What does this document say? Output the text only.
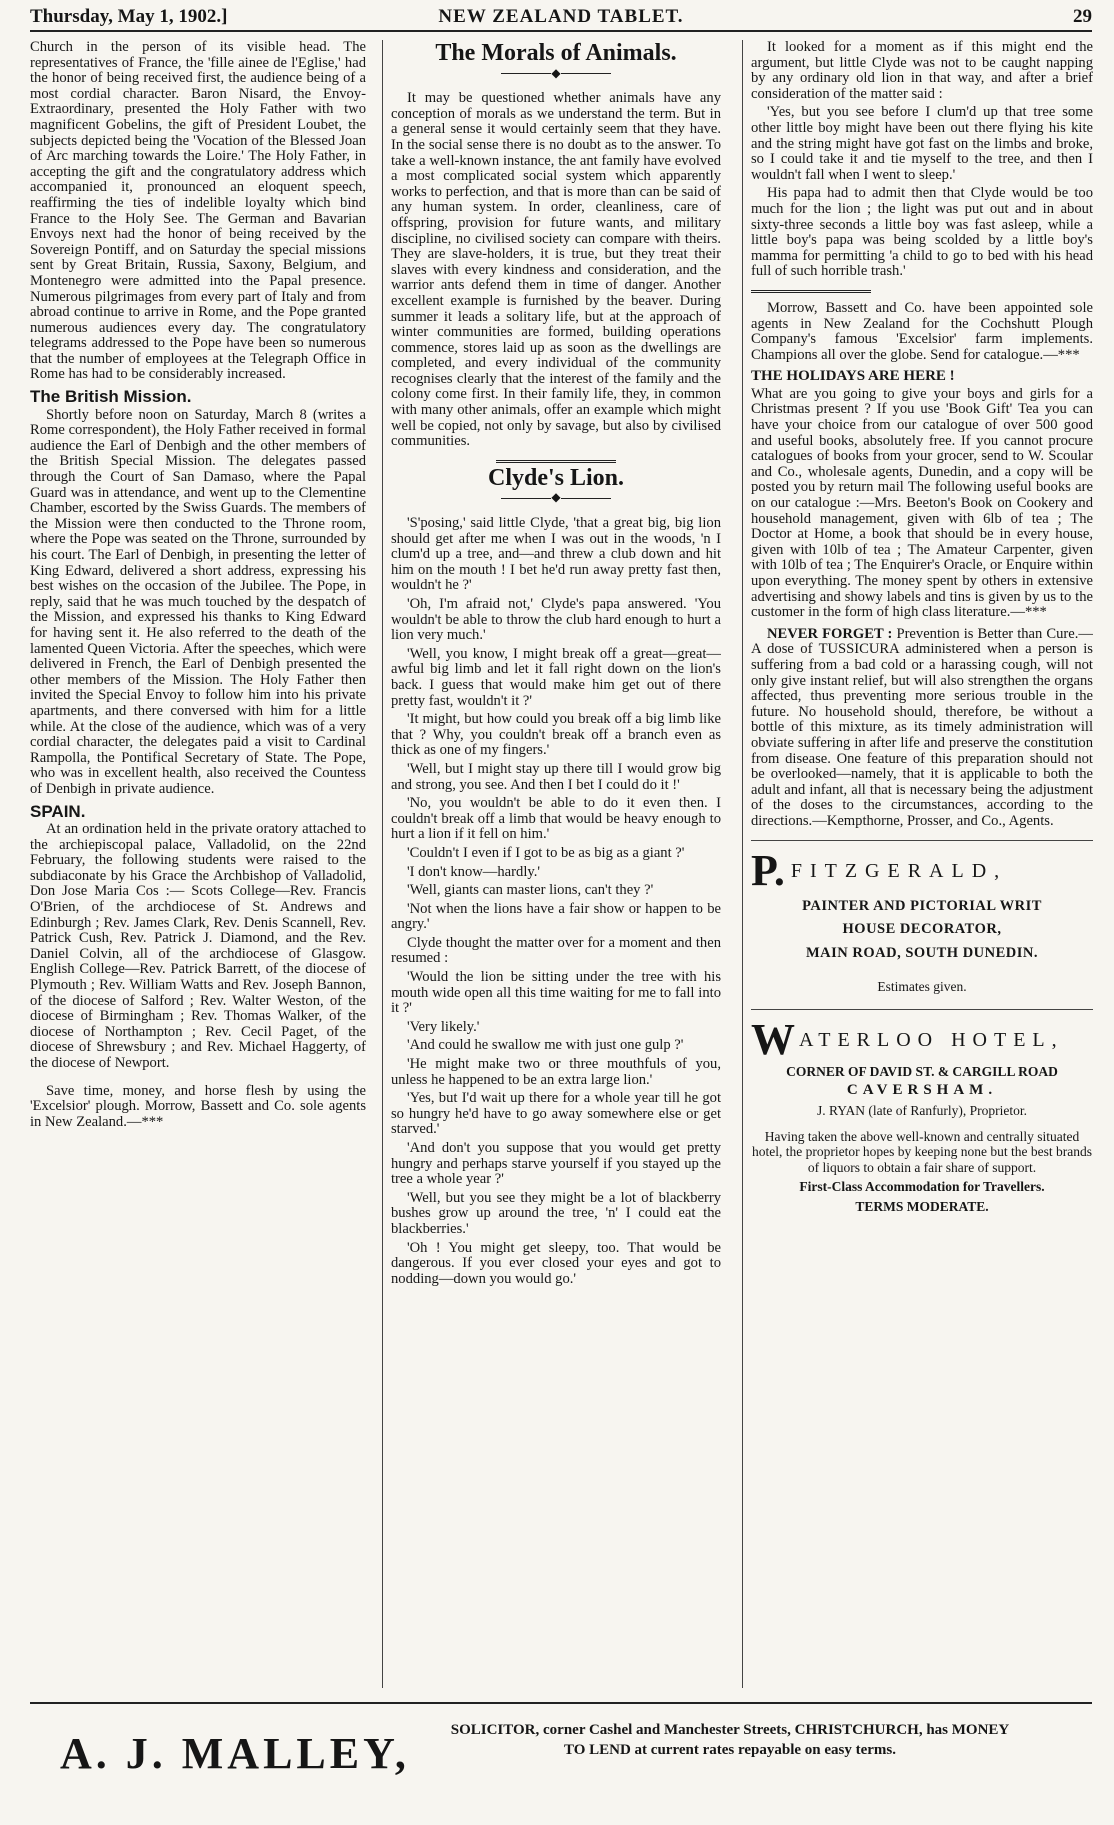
Thursday, May 1, 1902.]	NEW ZEALAND TABLET.	29

Church in the person of its visible head. The representatives of France, the 'fille ainee de l'Eglise,' had the honor of being received first, the audience being of a most cordial character. Baron Nisard, the Envoy-Extraordinary, presented the Holy Father with two magnificent Gobelins, the gift of President Loubet, the subjects depicted being the 'Vocation of the Blessed Joan of Arc marching towards the Loire.' The Holy Father, in accepting the gift and the congratulatory address which accompanied it, pronounced an eloquent speech, reaffirming the ties of indelible loyalty which bind France to the Holy See. The German and Bavarian Envoys next had the honor of being received by the Sovereign Pontiff, and on Saturday the special missions sent by Great Britain, Russia, Saxony, Belgium, and Montenegro were admitted into the Papal presence. Numerous pilgrimages from every part of Italy and from abroad continue to arrive in Rome, and the Pope granted numerous audiences every day. The congratulatory telegrams addressed to the Pope have been so numerous that the number of employees at the Telegraph Office in Rome has had to be considerably increased.

The British Mission.

Shortly before noon on Saturday, March 8 (writes a Rome correspondent), the Holy Father received in formal audience the Earl of Denbigh and the other members of the British Special Mission. The delegates passed through the Court of San Damaso, where the Papal Guard was in attendance, and went up to the Clementine Chamber, escorted by the Swiss Guards. The members of the Mission were then conducted to the Throne room, where the Pope was seated on the Throne, surrounded by his court. The Earl of Denbigh, in presenting the letter of King Edward, delivered a short address, expressing his best wishes on the occasion of the Jubilee. The Pope, in reply, said that he was much touched by the despatch of the Mission, and expressed his thanks to King Edward for having sent it. He also referred to the death of the lamented Queen Victoria. After the speeches, which were delivered in French, the Earl of Denbigh presented the other members of the Mission. The Holy Father then invited the Special Envoy to follow him into his private apartments, and there conversed with him for a little while. At the close of the audience, which was of a very cordial character, the delegates paid a visit to Cardinal Rampolla, the Pontifical Secretary of State. The Pope, who was in excellent health, also received the Countess of Denbigh in private audience.

SPAIN.

At an ordination held in the private oratory attached to the archiepiscopal palace, Valladolid, on the 22nd February, the following students were raised to the subdiaconate by his Grace the Archbishop of Valladolid, Don Jose Maria Cos :— Scots College—Rev. Francis O'Brien, of the archdiocese of St. Andrews and Edinburgh ; Rev. James Clark, Rev. Denis Scannell, Rev. Patrick Cush, Rev. Patrick J. Diamond, and the Rev. Daniel Colvin, all of the archdiocese of Glasgow. English College—Rev. Patrick Barrett, of the diocese of Plymouth ; Rev. William Watts and Rev. Joseph Bannon, of the diocese of Salford ; Rev. Walter Weston, of the diocese of Birmingham ; Rev. Thomas Walker, of the diocese of Northampton ; Rev. Cecil Paget, of the diocese of Shrewsbury ; and Rev. Michael Haggerty, of the diocese of Newport.

Save time, money, and horse flesh by using the 'Excelsior' plough. Morrow, Bassett and Co. sole agents in New Zealand.—***

The Morals of Animals.
◆

It may be questioned whether animals have any conception of morals as we understand the term. But in a general sense it would certainly seem that they have. In the social sense there is no doubt as to the answer. To take a well-known instance, the ant family have evolved a most complicated social system which apparently works to perfection, and that is more than can be said of any human system. In order, cleanliness, care of offspring, provision for future wants, and military discipline, no civilised society can compare with theirs. They are slave-holders, it is true, but they treat their slaves with every kindness and consideration, and the warrior ants defend them in time of danger. Another excellent example is furnished by the beaver. During summer it leads a solitary life, but at the approach of winter communities are formed, building operations commence, stores laid up as soon as the dwellings are completed, and every individual of the community recognises clearly that the interest of the family and the colony come first. In their family life, they, in common with many other animals, offer an example which might well be copied, not only by savage, but also by civilised communities.

Clyde's Lion.
◆

'S'posing,' said little Clyde, 'that a great big, big lion should get after me when I was out in the woods, 'n I clum'd up a tree, and—and threw a club down and hit him on the mouth ! I bet he'd run away pretty fast then, wouldn't he ?'

'Oh, I'm afraid not,' Clyde's papa answered. 'You wouldn't be able to throw the club hard enough to hurt a lion very much.'

'Well, you know, I might break off a great—great—awful big limb and let it fall right down on the lion's back. I guess that would make him get out of there pretty fast, wouldn't it ?'

'It might, but how could you break off a big limb like that ? Why, you couldn't break off a branch even as thick as one of my fingers.'

'Well, but I might stay up there till I would grow big and strong, you see. And then I bet I could do it !'

'No, you wouldn't be able to do it even then. I couldn't break off a limb that would be heavy enough to hurt a lion if it fell on him.'

'Couldn't I even if I got to be as big as a giant ?'

'I don't know—hardly.'

'Well, giants can master lions, can't they ?'

'Not when the lions have a fair show or happen to be angry.'

Clyde thought the matter over for a moment and then resumed :

'Would the lion be sitting under the tree with his mouth wide open all this time waiting for me to fall into it ?'

'Very likely.'

'And could he swallow me with just one gulp ?'

'He might make two or three mouthfuls of you, unless he happened to be an extra large lion.'

'Yes, but I'd wait up there for a whole year till he got so hungry he'd have to go away somewhere else or get starved.'

'And don't you suppose that you would get pretty hungry and perhaps starve yourself if you stayed up the tree a whole year ?'

'Well, but you see they might be a lot of blackberry bushes grow up around the tree, 'n' I could eat the blackberries.'

'Oh ! You might get sleepy, too. That would be dangerous. If you ever closed your eyes and got to nodding—down you would go.'

It looked for a moment as if this might end the argument, but little Clyde was not to be caught napping by any ordinary old lion in that way, and after a brief consideration of the matter said :

'Yes, but you see before I clum'd up that tree some other little boy might have been out there flying his kite and the string might have got fast on the limbs and broke, so I could take it and tie myself to the tree, and then I wouldn't fall when I went to sleep.'

His papa had to admit then that Clyde would be too much for the lion ; the light was put out and in about sixty-three seconds a little boy was fast asleep, while a little boy's papa was being scolded by a little boy's mamma for permitting 'a child to go to bed with his head full of such horrible trash.'

Morrow, Bassett and Co. have been appointed sole agents in New Zealand for the Cochshutt Plough Company's famous 'Excelsior' farm implements. Champions all over the globe. Send for catalogue.—***

THE HOLIDAYS ARE HERE !

What are you going to give your boys and girls for a Christmas present ? If you use 'Book Gift' Tea you can have your choice from our catalogue of over 500 good and useful books, absolutely free. If you cannot procure catalogues of books from your grocer, send to W. Scoular and Co., wholesale agents, Dunedin, and a copy will be posted you by return mail The following useful books are on our catalogue :—Mrs. Beeton's Book on Cookery and household management, given with 6lb of tea ; The Doctor at Home, a book that should be in every house, given with 10lb of tea ; The Amateur Carpenter, given with 10lb of tea ; The Enquirer's Oracle, or Enquire within upon everything. The money spent by others in extensive advertising and showy labels and tins is given by us to the customer in the form of high class literature.—***

NEVER FORGET : Prevention is Better than Cure.—A dose of TUSSICURA administered when a person is suffering from a bad cold or a harassing cough, will not only give instant relief, but will also strengthen the organs affected, thus preventing more serious trouble in the future. No household should, therefore, be without a bottle of this mixture, as its timely administration will obviate suffering in after life and preserve the constitution from disease. One feature of this preparation should not be overlooked—namely, that it is applicable to both the adult and infant, all that is necessary being the adjustment of the doses to the circumstances, according to the directions.—Kempthorne, Prosser, and Co., Agents.

P. FITZGERALD,
PAINTER AND PICTORIAL WRIT
HOUSE DECORATOR,
MAIN ROAD, SOUTH DUNEDIN.
Estimates given.
W ATERLOO HOTEL,

CORNER OF DAVID ST. & CARGILL ROAD

CAVERSHAM.

J. RYAN (late of Ranfurly), Proprietor.

Having taken the above well-known and centrally situated hotel, the proprietor hopes by keeping none but the best brands of liquors to obtain a fair share of support.

First-Class Accommodation for Travellers.

TERMS MODERATE.

A. J. MALLEY,	SOLICITOR, corner Cashel and Manchester Streets, CHRISTCHURCH, has MONEY
TO LEND at current rates repayable on easy terms.
